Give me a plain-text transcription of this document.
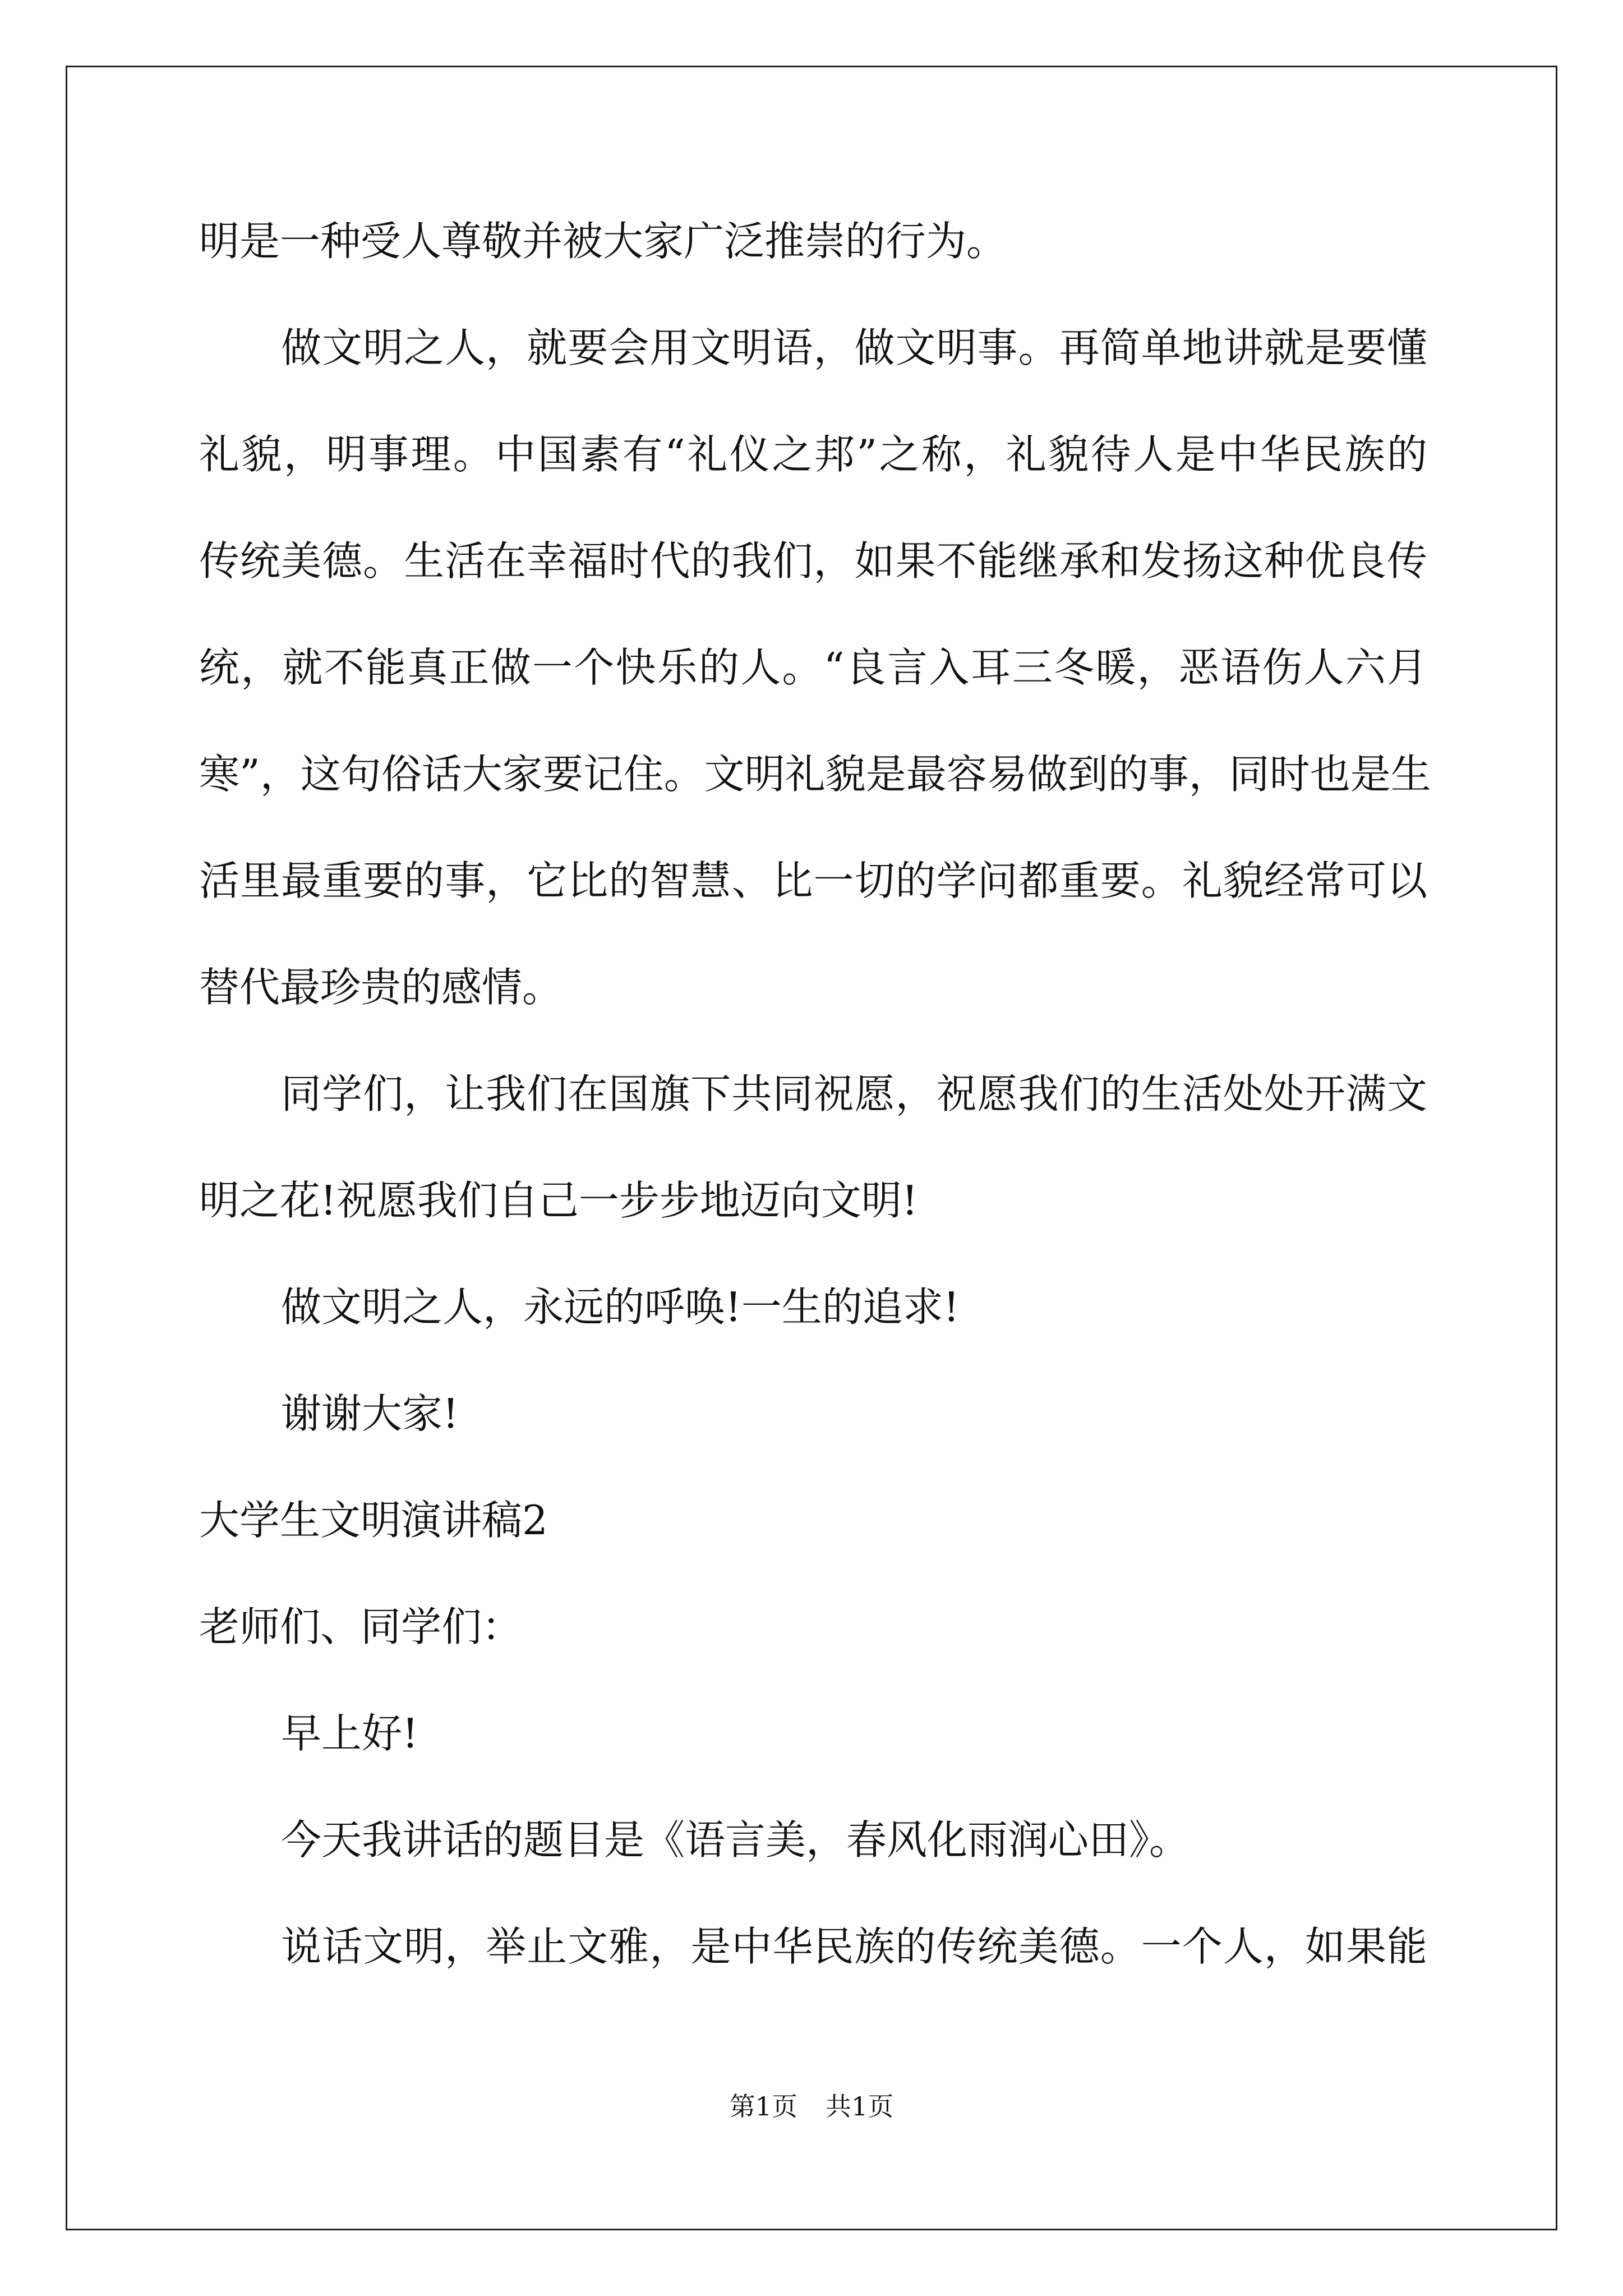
明是一种受人尊敬并被大家广泛推崇的行为。
做文明之人，就要会用文明语，做文明事。再简单地讲就是要懂
礼貌，明事理。中国素有“礼仪之邦”之称，礼貌待人是中华民族的
传统美德。生活在幸福时代的我们，如果不能继承和发扬这种优良传
统，就不能真正做一个快乐的人。“良言入耳三冬暖，恶语伤人六月
寒”，这句俗话大家要记住。文明礼貌是最容易做到的事，同时也是生
活里最重要的事，它比的智慧、比一切的学问都重要。礼貌经常可以
替代最珍贵的感情。
同学们，让我们在国旗下共同祝愿，祝愿我们的生活处处开满文
明之花!祝愿我们自己一步步地迈向文明!
做文明之人，永远的呼唤!一生的追求!
谢谢大家!
大学生文明演讲稿2
老师们、同学们：
早上好!
今天我讲话的题目是《语言美，春风化雨润心田》。
说话文明，举止文雅，是中华民族的传统美德。一个人，如果能
第1页 共1页
